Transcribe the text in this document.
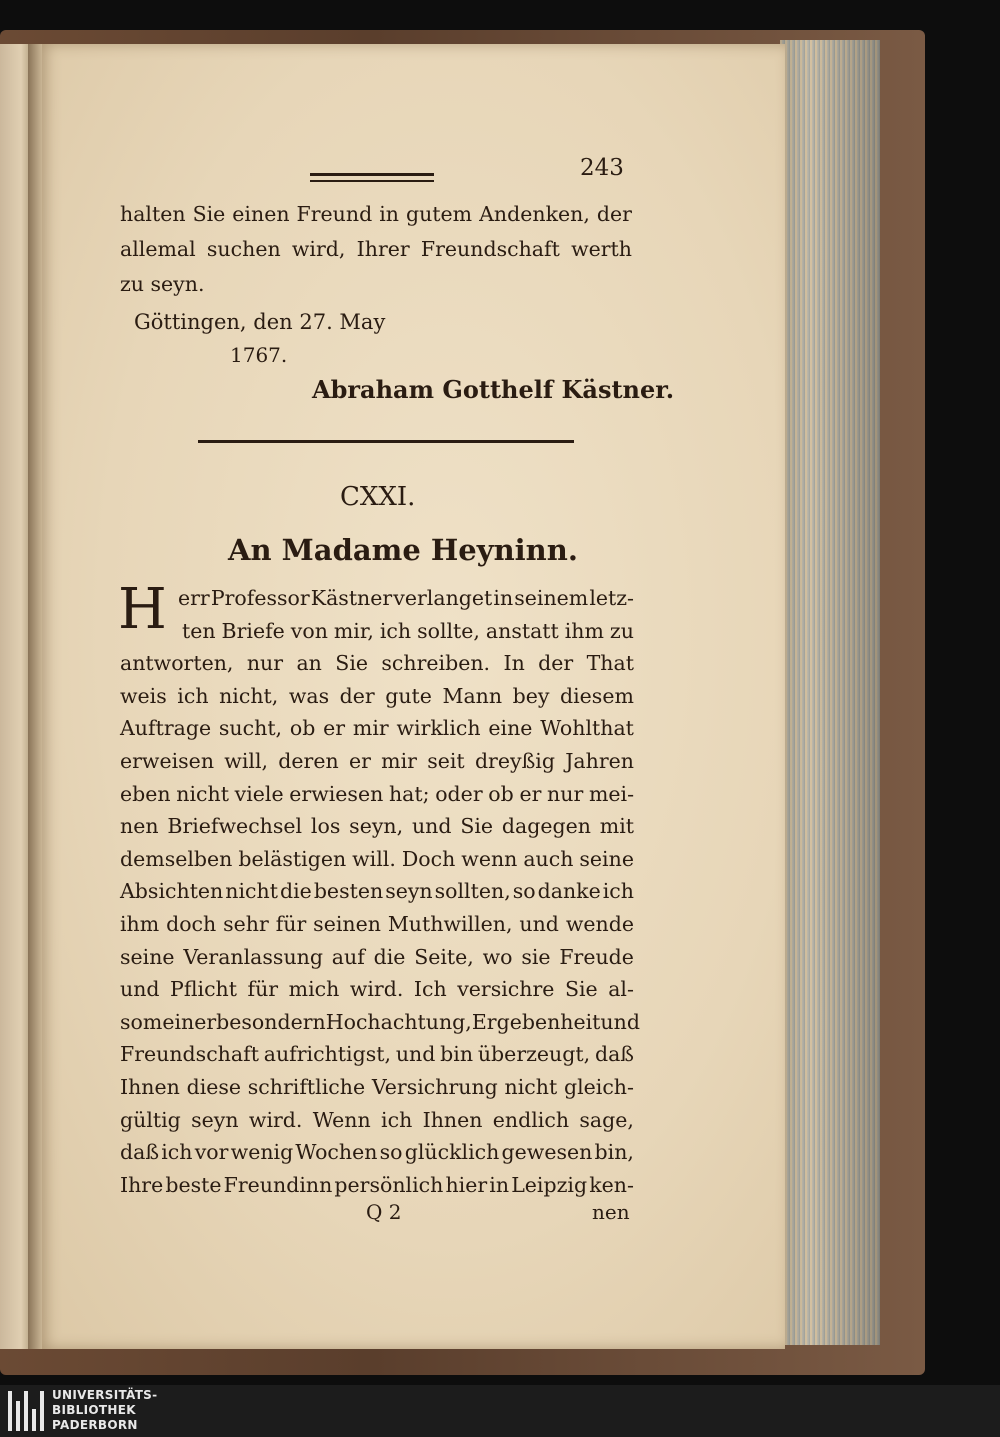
243
halten Sie einen Freund in gutem Andenken, der
allemal suchen wird, Ihrer Freundschaft werth
zu seyn.
Göttingen, den 27. May
1767.
Abraham Gotthelf Kästner.
CXXI.
An Madame Heyninn.
H err Professor Kästner verlanget in seinem letz-
ten Briefe von mir, ich sollte, anstatt ihm zu
antworten, nur an Sie schreiben. In der That
weis ich nicht, was der gute Mann bey diesem
Auftrage sucht, ob er mir wirklich eine Wohlthat
erweisen will, deren er mir seit dreyßig Jahren
eben nicht viele erwiesen hat; oder ob er nur mei-
nen Briefwechsel los seyn, und Sie dagegen mit
demselben belästigen will. Doch wenn auch seine
Absichten nicht die besten seyn sollten, so danke ich
ihm doch sehr für seinen Muthwillen, und wende
seine Veranlassung auf die Seite, wo sie Freude
und Pflicht für mich wird. Ich versichre Sie al-
so meiner besondern Hochachtung, Ergebenheit und
Freundschaft aufrichtigst, und bin überzeugt, daß
Ihnen diese schriftliche Versichrung nicht gleich-
gültig seyn wird. Wenn ich Ihnen endlich sage,
daß ich vor wenig Wochen so glücklich gewesen bin,
Ihre beste Freundinn persönlich hier in Leipzig ken-
Q 2	nen
UNIVERSITÄTS-
BIBLIOTHEK
PADERBORN
